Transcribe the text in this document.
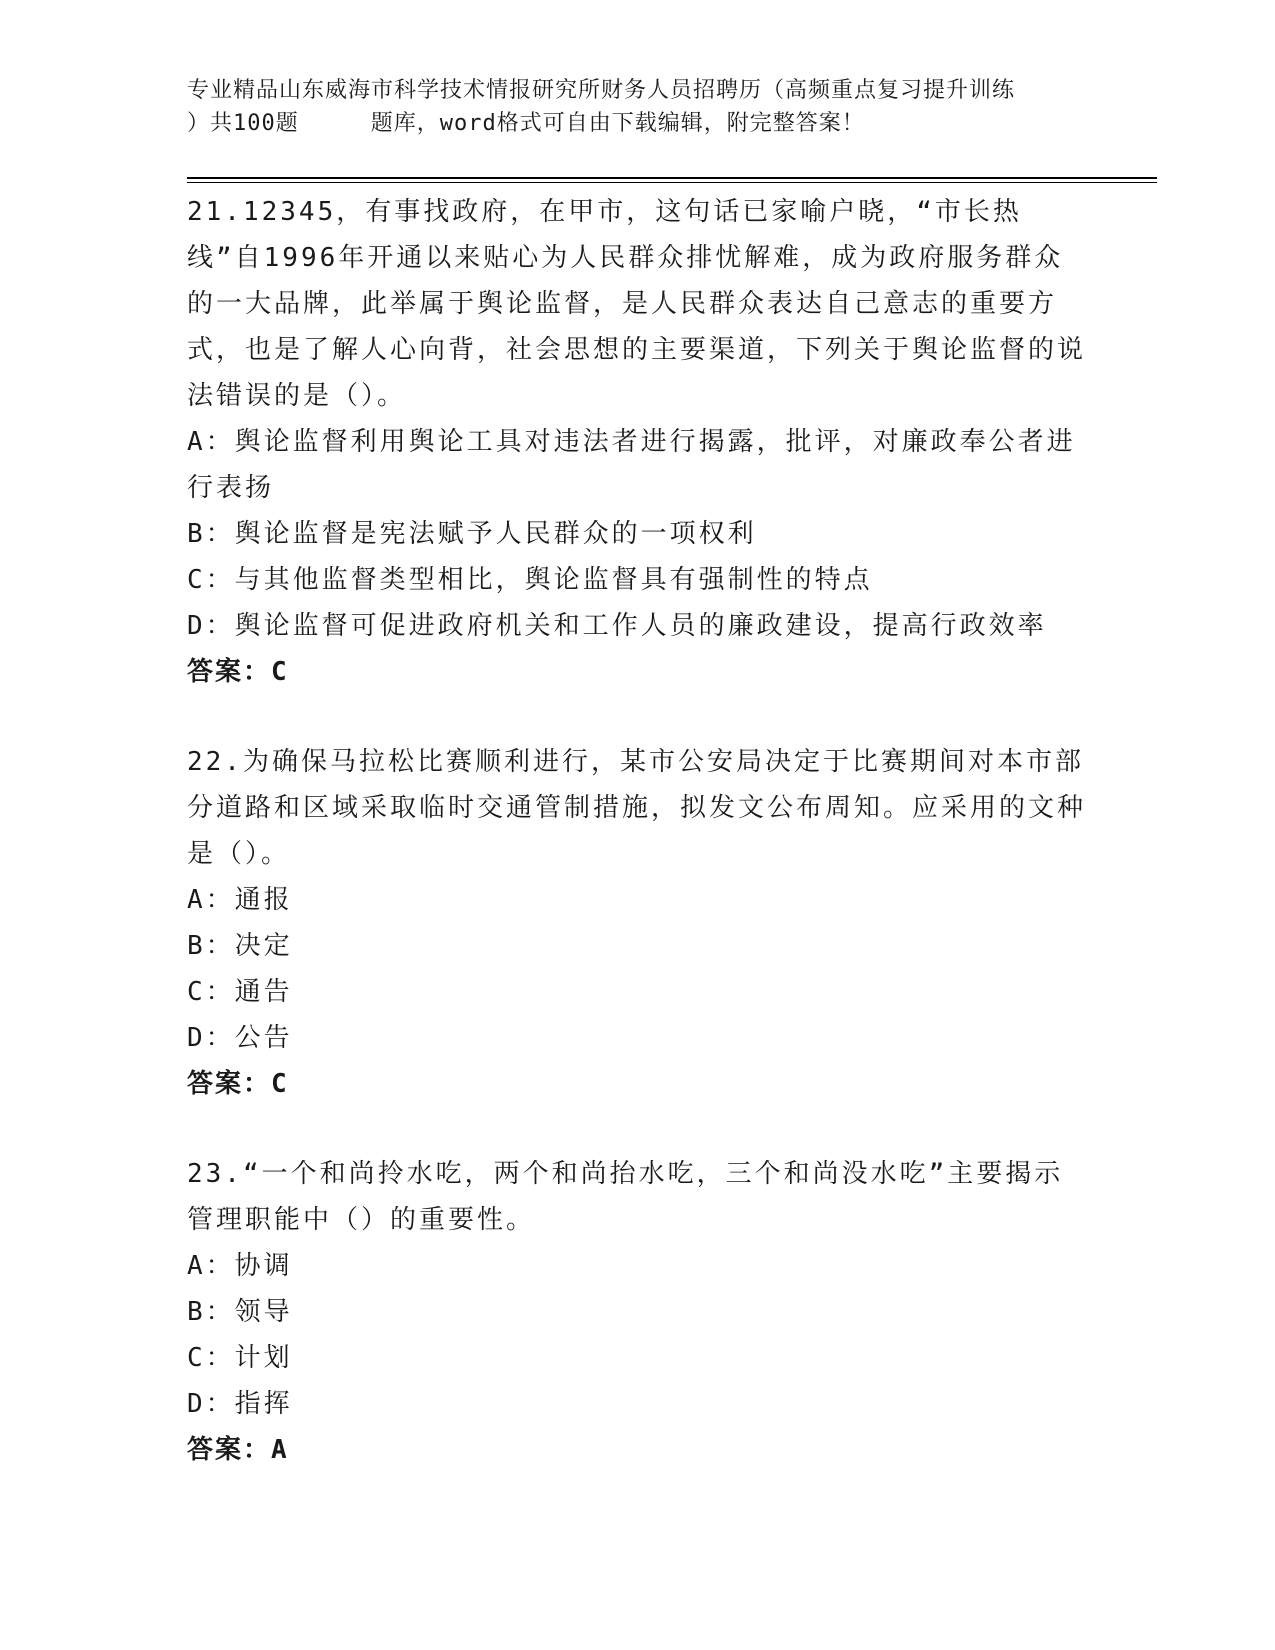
专业精品山东威海市科学技术情报研究所财务人员招聘历（高频重点复习提升训练
）共100题	题库，word格式可自由下载编辑，附完整答案！

21.12345，有事找政府，在甲市，这句话已家喻户晓，“市长热线”自1996年开通以来贴心为人民群众排忧解难，成为政府服务群众的一大品牌，此举属于舆论监督，是人民群众表达自己意志的重要方式，也是了解人心向背，社会思想的主要渠道，下列关于舆论监督的说法错误的是（）。

A：舆论监督利用舆论工具对违法者进行揭露，批评，对廉政奉公者进行表扬

B：舆论监督是宪法赋予人民群众的一项权利

C：与其他监督类型相比，舆论监督具有强制性的特点

D：舆论监督可促进政府机关和工作人员的廉政建设，提高行政效率

答案：C

22.为确保马拉松比赛顺利进行，某市公安局决定于比赛期间对本市部分道路和区域采取临时交通管制措施，拟发文公布周知。应采用的文种是（）。

A：通报

B：决定

C：通告

D：公告

答案：C

23.“一个和尚拎水吃，两个和尚抬水吃，三个和尚没水吃”主要揭示管理职能中（）的重要性。

A：协调

B：领导

C：计划

D：指挥

答案：A
